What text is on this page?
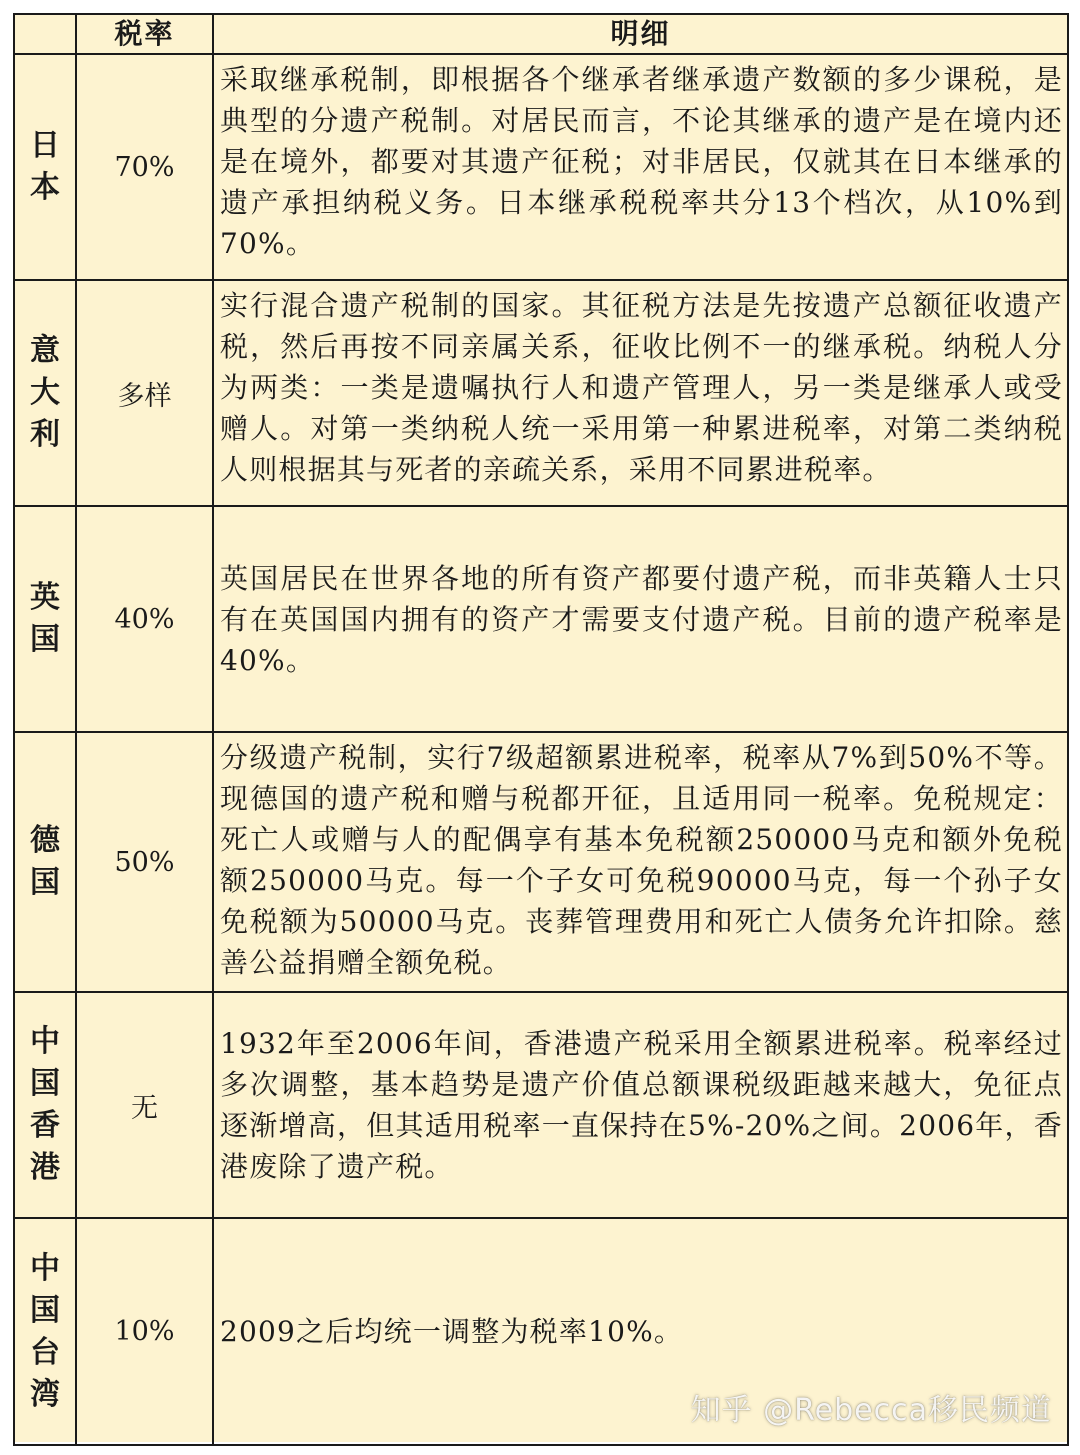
	税率	明细

日本	70%	采取继承税制，即根据各个继承者继承遗产数额的多少课税，是典型的分遗产税制。对居民而言，不论其继承的遗产是在境内还是在境外，都要对其遗产征税；对非居民，仅就其在日本继承的遗产承担纳税义务。日本继承税税率共分13个档次，从10%到70%。

意大利	多样	实行混合遗产税制的国家。其征税方法是先按遗产总额征收遗产税，然后再按不同亲属关系，征收比例不一的继承税。纳税人分为两类：一类是遗嘱执行人和遗产管理人，另一类是继承人或受赠人。对第一类纳税人统一采用第一种累进税率，对第二类纳税人则根据其与死者的亲疏关系，采用不同累进税率。

英国	40%	英国居民在世界各地的所有资产都要付遗产税，而非英籍人士只有在英国国内拥有的资产才需要支付遗产税。目前的遗产税率是40%。

德国	50%	分级遗产税制，实行7级超额累进税率，税率从7%到50%不等。现德国的遗产税和赠与税都开征，且适用同一税率。免税规定：死亡人或赠与人的配偶享有基本免税额250000马克和额外免税额250000马克。每一个子女可免税90000马克，每一个孙子女免税额为50000马克。丧葬管理费用和死亡人债务允许扣除。慈善公益捐赠全额免税。

中国香港	无	1932年至2006年间，香港遗产税采用全额累进税率。税率经过多次调整，基本趋势是遗产价值总额课税级距越来越大，免征点逐渐增高，但其适用税率一直保持在5%-20%之间。2006年，香港废除了遗产税。

中国台湾	10%	2009之后均统一调整为税率10%。
知乎 @Rebecca移民频道
